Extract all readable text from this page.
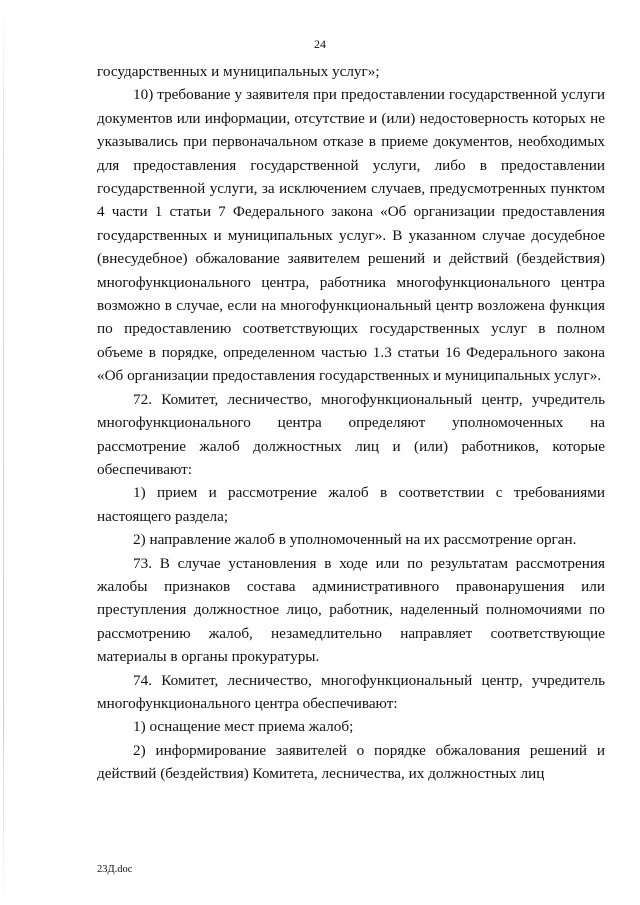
24

государственных и муниципальных услуг»;

10) требование у заявителя при предоставлении государственной услуги документов или информации, отсутствие и (или) недостоверность которых не указывались при первоначальном отказе в приеме документов, необходимых для предоставления государственной услуги, либо в предоставлении государственной услуги, за исключением случаев, предусмотренных пунктом 4 части 1 статьи 7 Федерального закона «Об организации предоставления государственных и муниципальных услуг». В указанном случае досудебное (внесудебное) обжалование заявителем решений и действий (бездействия) многофункционального центра, работника многофункционального центра возможно в случае, если на многофункциональный центр возложена функция по предоставлению соответствующих государственных услуг в полном объеме в порядке, определенном частью 1.3 статьи 16 Федерального закона «Об организации предоставления государственных и муниципальных услуг».

72. Комитет, лесничество, многофункциональный центр, учредитель многофункционального центра определяют уполномоченных на рассмотрение жалоб должностных лиц и (или) работников, которые обеспечивают:

1) прием и рассмотрение жалоб в соответствии с требованиями настоящего раздела;

2) направление жалоб в уполномоченный на их рассмотрение орган.

73. В случае установления в ходе или по результатам рассмотрения жалобы признаков состава административного правонарушения или преступления должностное лицо, работник, наделенный полномочиями по рассмотрению жалоб, незамедлительно направляет соответствующие материалы в органы прокуратуры.

74. Комитет, лесничество, многофункциональный центр, учредитель многофункционального центра обеспечивают:

1) оснащение мест приема жалоб;

2) информирование заявителей о порядке обжалования решений и действий (бездействия) Комитета, лесничества, их должностных лиц

23Д.doc
